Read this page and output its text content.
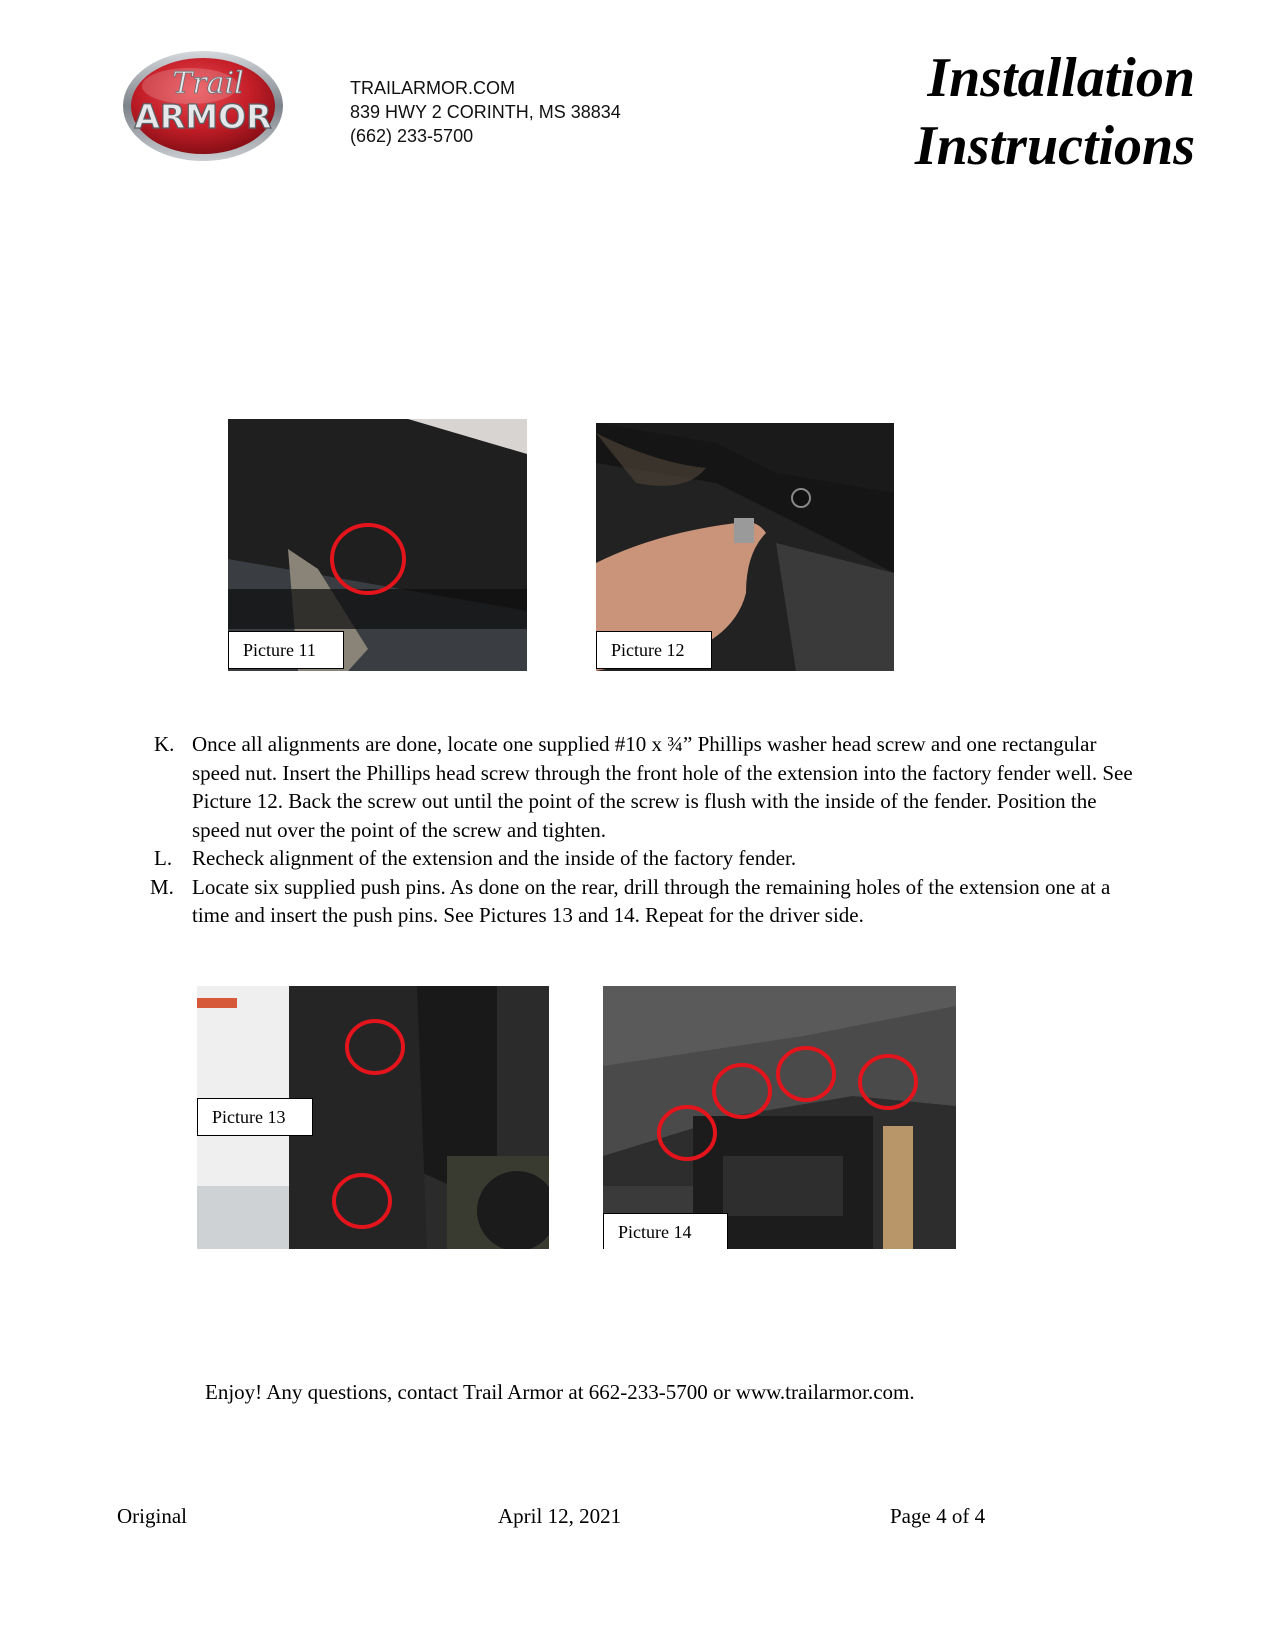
Trail
ARMOR
TRAILARMOR.COM
839 HWY 2 CORINTH, MS 38834
(662) 233-5700
Installation
Instructions
Picture 11	Picture 12
Picture 13
Picture 14
K. Once all alignments are done, locate one supplied #10 x ¾” Phillips washer head screw and one rectangular speed nut. Insert the Phillips head screw through the front hole of the extension into the factory fender well. See Picture 12. Back the screw out until the point of the screw is flush with the inside of the fender. Position the speed nut over the point of the screw and tighten.
L. Recheck alignment of the extension and the inside of the factory fender.
M. Locate six supplied push pins. As done on the rear, drill through the remaining holes of the extension one at a time and insert the push pins. See Pictures 13 and 14. Repeat for the driver side.
Enjoy! Any questions, contact Trail Armor at 662-233-5700 or www.trailarmor.com.
Original	April 12, 2021	Page 4 of 4
